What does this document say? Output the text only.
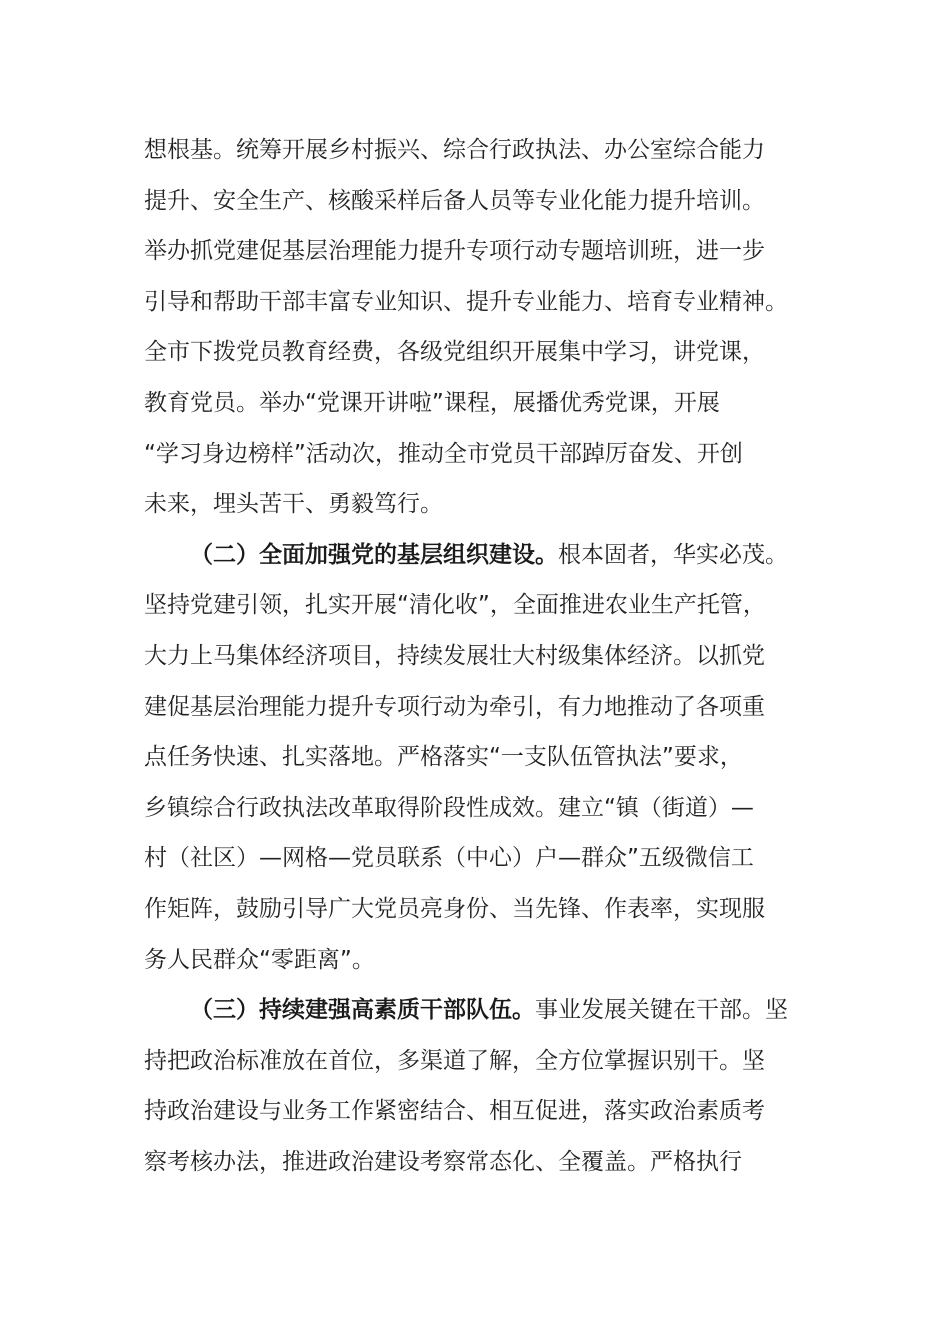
想根基。统筹开展乡村振兴、综合行政执法、办公室综合能力
提升、安全生产、核酸采样后备人员等专业化能力提升培训。
举办抓党建促基层治理能力提升专项行动专题培训班，进一步
引导和帮助干部丰富专业知识、提升专业能力、培育专业精神。
全市下拨党员教育经费，各级党组织开展集中学习，讲党课，
教育党员。举办“党课开讲啦”课程，展播优秀党课，开展
“学习身边榜样”活动次，推动全市党员干部踔厉奋发、开创
未来，埋头苦干、勇毅笃行。
（二）全面加强党的基层组织建设。根本固者，华实必茂。
坚持党建引领，扎实开展“清化收”，全面推进农业生产托管，
大力上马集体经济项目，持续发展壮大村级集体经济。以抓党
建促基层治理能力提升专项行动为牵引，有力地推动了各项重
点任务快速、扎实落地。严格落实“一支队伍管执法”要求，
乡镇综合行政执法改革取得阶段性成效。建立“镇（街道）—
村（社区）—网格—党员联系（中心）户—群众”五级微信工
作矩阵，鼓励引导广大党员亮身份、当先锋、作表率，实现服
务人民群众“零距离”。
（三）持续建强高素质干部队伍。事业发展关键在干部。坚
持把政治标准放在首位，多渠道了解，全方位掌握识别干。坚
持政治建设与业务工作紧密结合、相互促进，落实政治素质考
察考核办法，推进政治建设考察常态化、全覆盖。严格执行
